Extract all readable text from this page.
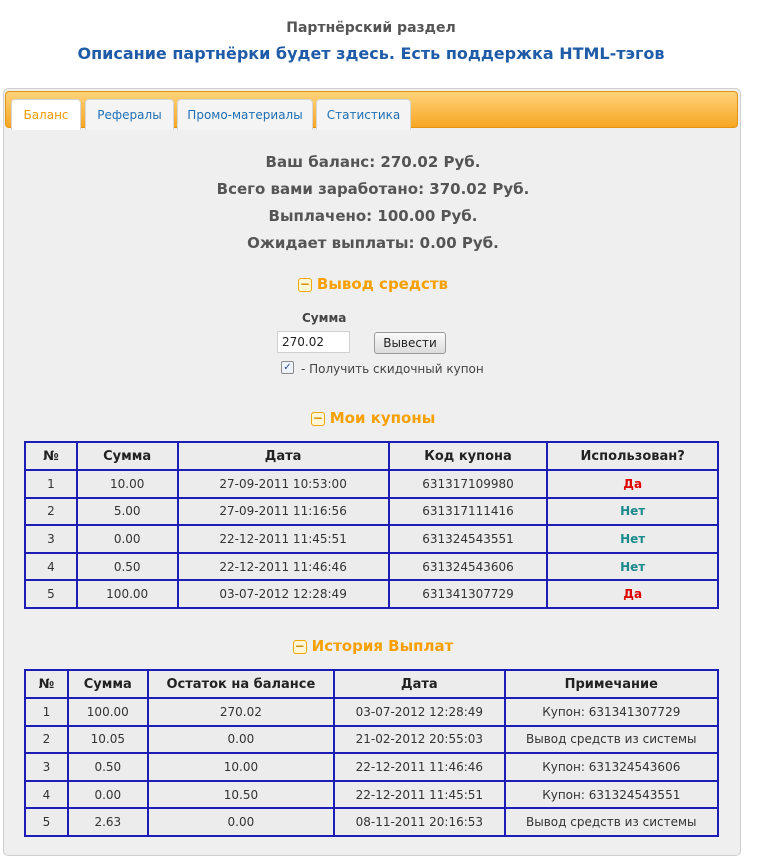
Партнёрский раздел
Описание партнёрки будет здесь. Есть поддержка HTML-тэгов
Баланс	Рефералы	Промо-материалы	Статистика
Ваш баланс: 270.02 Руб.
Всего вами заработано: 370.02 Руб.
Выплачено: 100.00 Руб.
Ожидает выплаты: 0.00 Руб.
− Вывод средств
Сумма
270.02
Вывести
✓ - Получить скидочный купон
− Мои купоны
№	Сумма	Дата	Код купона	Использован?
1	10.00	27-09-2011 10:53:00	631317109980	Да
2	5.00	27-09-2011 11:16:56	631317111416	Нет
3	0.00	22-12-2011 11:45:51	631324543551	Нет
4	0.50	22-12-2011 11:46:46	631324543606	Нет
5	100.00	03-07-2012 12:28:49	631341307729	Да
− История Выплат
№	Сумма	Остаток на балансе	Дата	Примечание
1	100.00	270.02	03-07-2012 12:28:49	Купон: 631341307729
2	10.05	0.00	21-02-2012 20:55:03	Вывод средств из системы
3	0.50	10.00	22-12-2011 11:46:46	Купон: 631324543606
4	0.00	10.50	22-12-2011 11:45:51	Купон: 631324543551
5	2.63	0.00	08-11-2011 20:16:53	Вывод средств из системы
